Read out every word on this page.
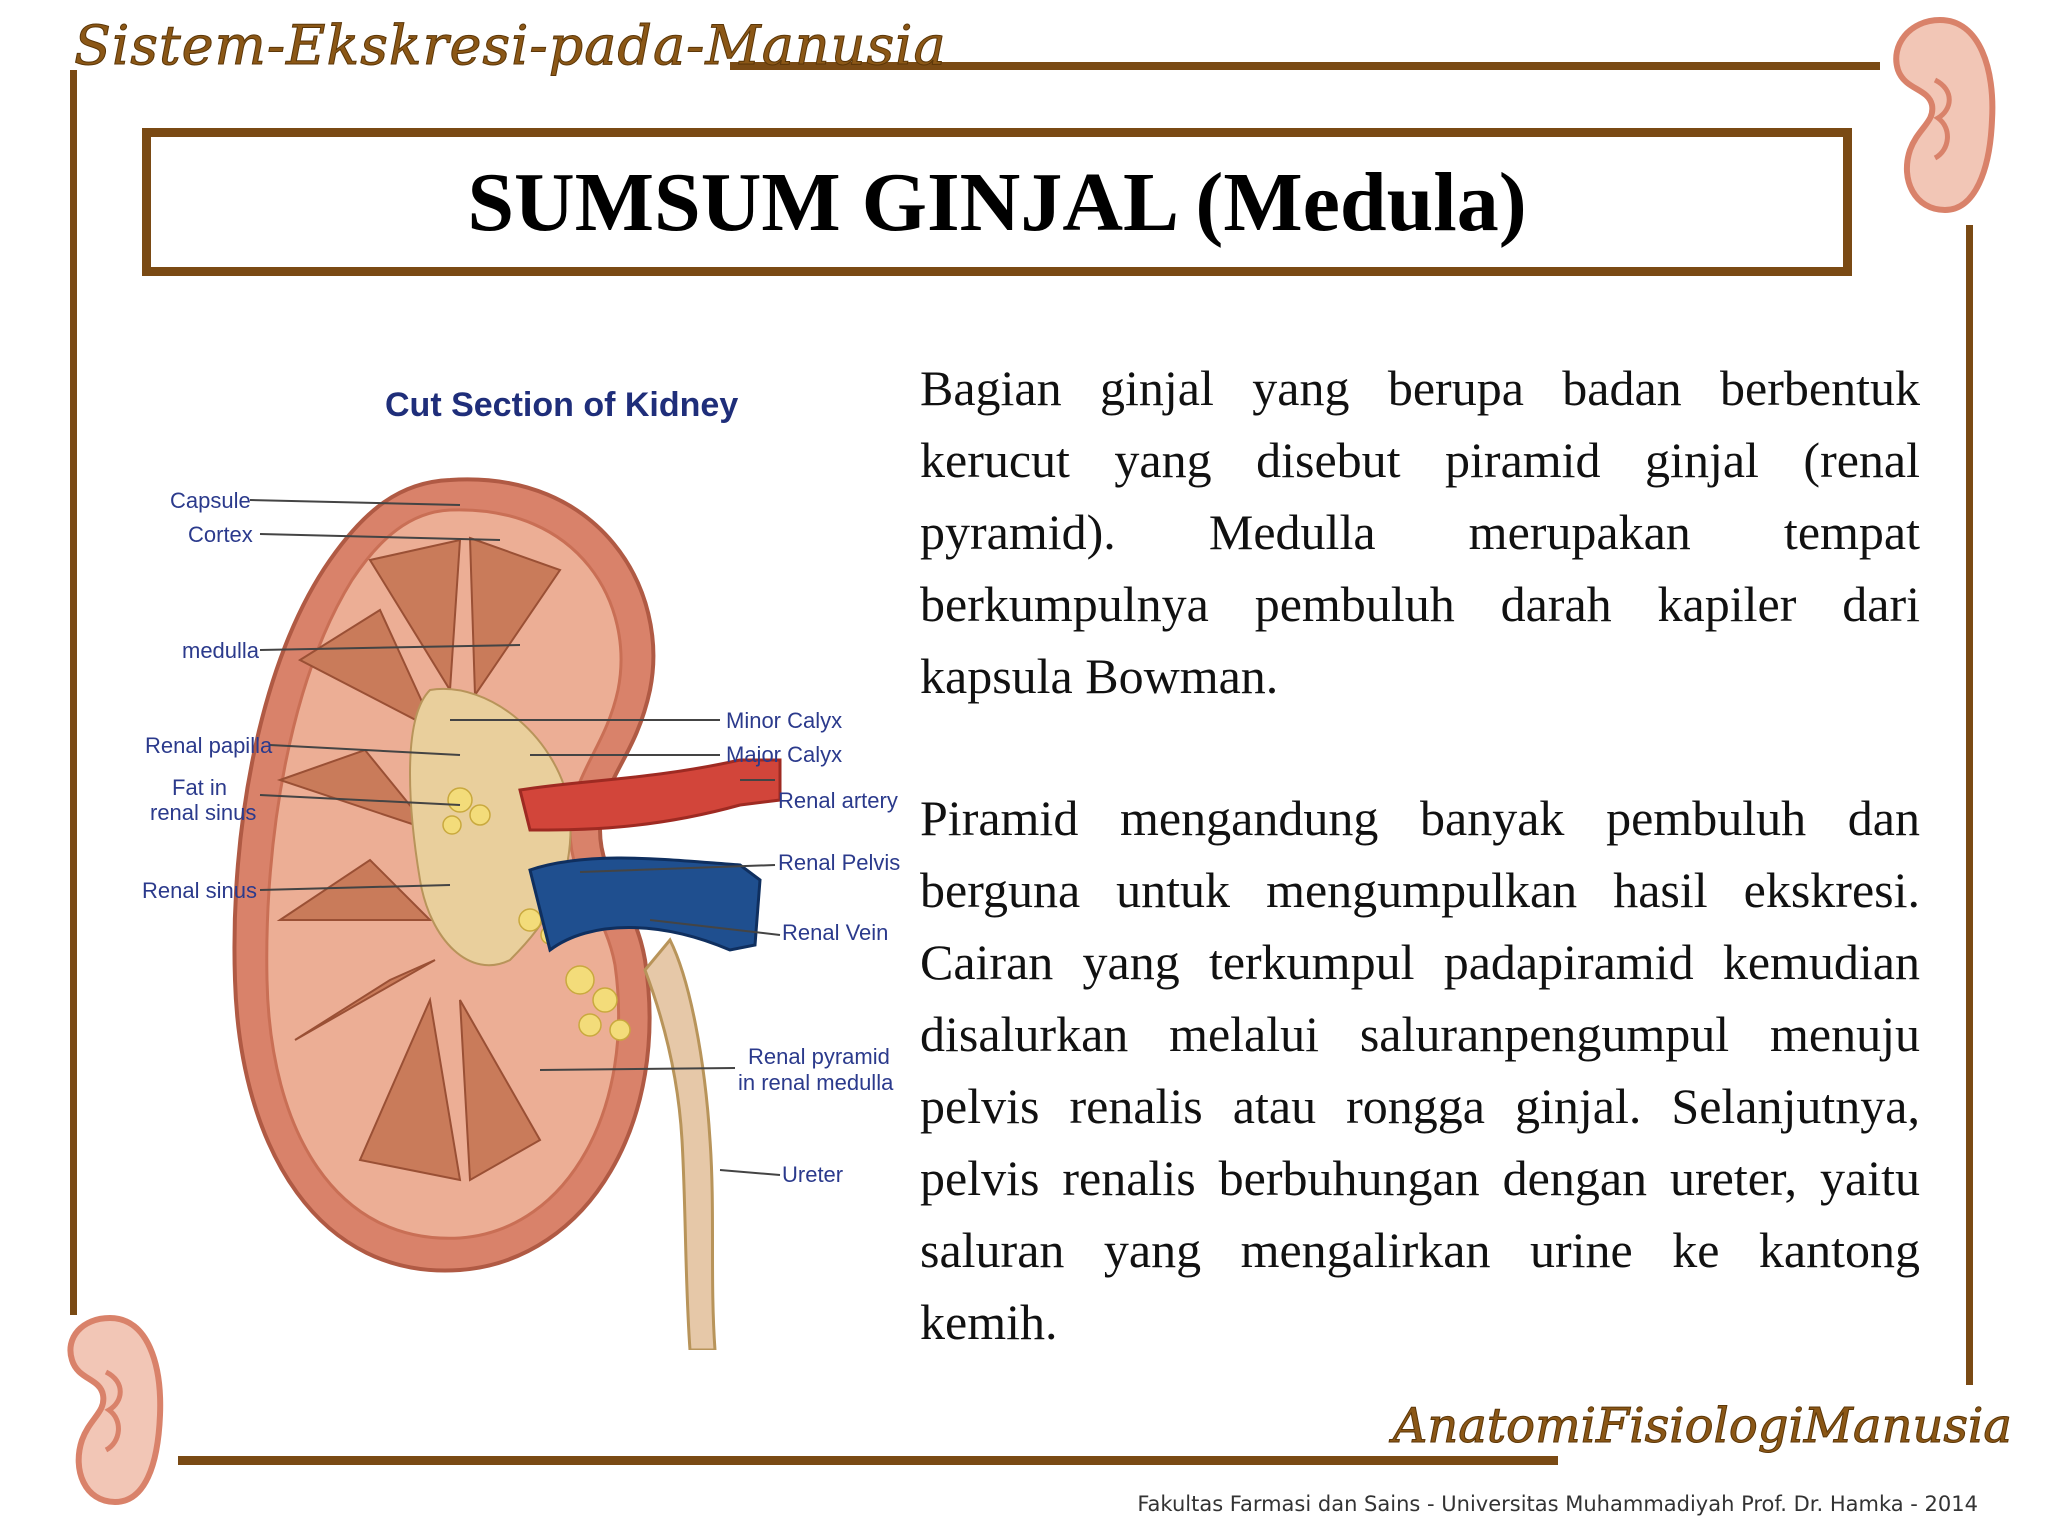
Sistem-Ekskresi-pada-Manusia
SUMSUM GINJAL (Medula)
Cut Section of Kidney
Capsule
Cortex
medulla
Renal papilla
Fat in
renal sinus
Renal sinus
Minor Calyx
Major Calyx
Renal artery
Renal Pelvis
Renal Vein
Renal pyramid
in renal medulla
Ureter
Bagian ginjal yang berupa badan berbentuk kerucut yang disebut piramid ginjal (renal pyramid). Medulla merupakan tempat berkumpulnya pembuluh darah kapiler dari kapsula Bowman.
Piramid mengandung banyak pembuluh dan berguna untuk mengumpulkan hasil ekskresi. Cairan yang terkumpul padapiramid kemudian disalurkan melalui saluranpengumpul menuju pelvis renalis atau rongga ginjal. Selanjutnya, pelvis renalis berbuhungan dengan ureter, yaitu saluran yang mengalirkan urine ke kantong kemih.
AnatomiFisiologiManusia
Fakultas Farmasi dan Sains - Universitas Muhammadiyah Prof. Dr. Hamka - 2014
